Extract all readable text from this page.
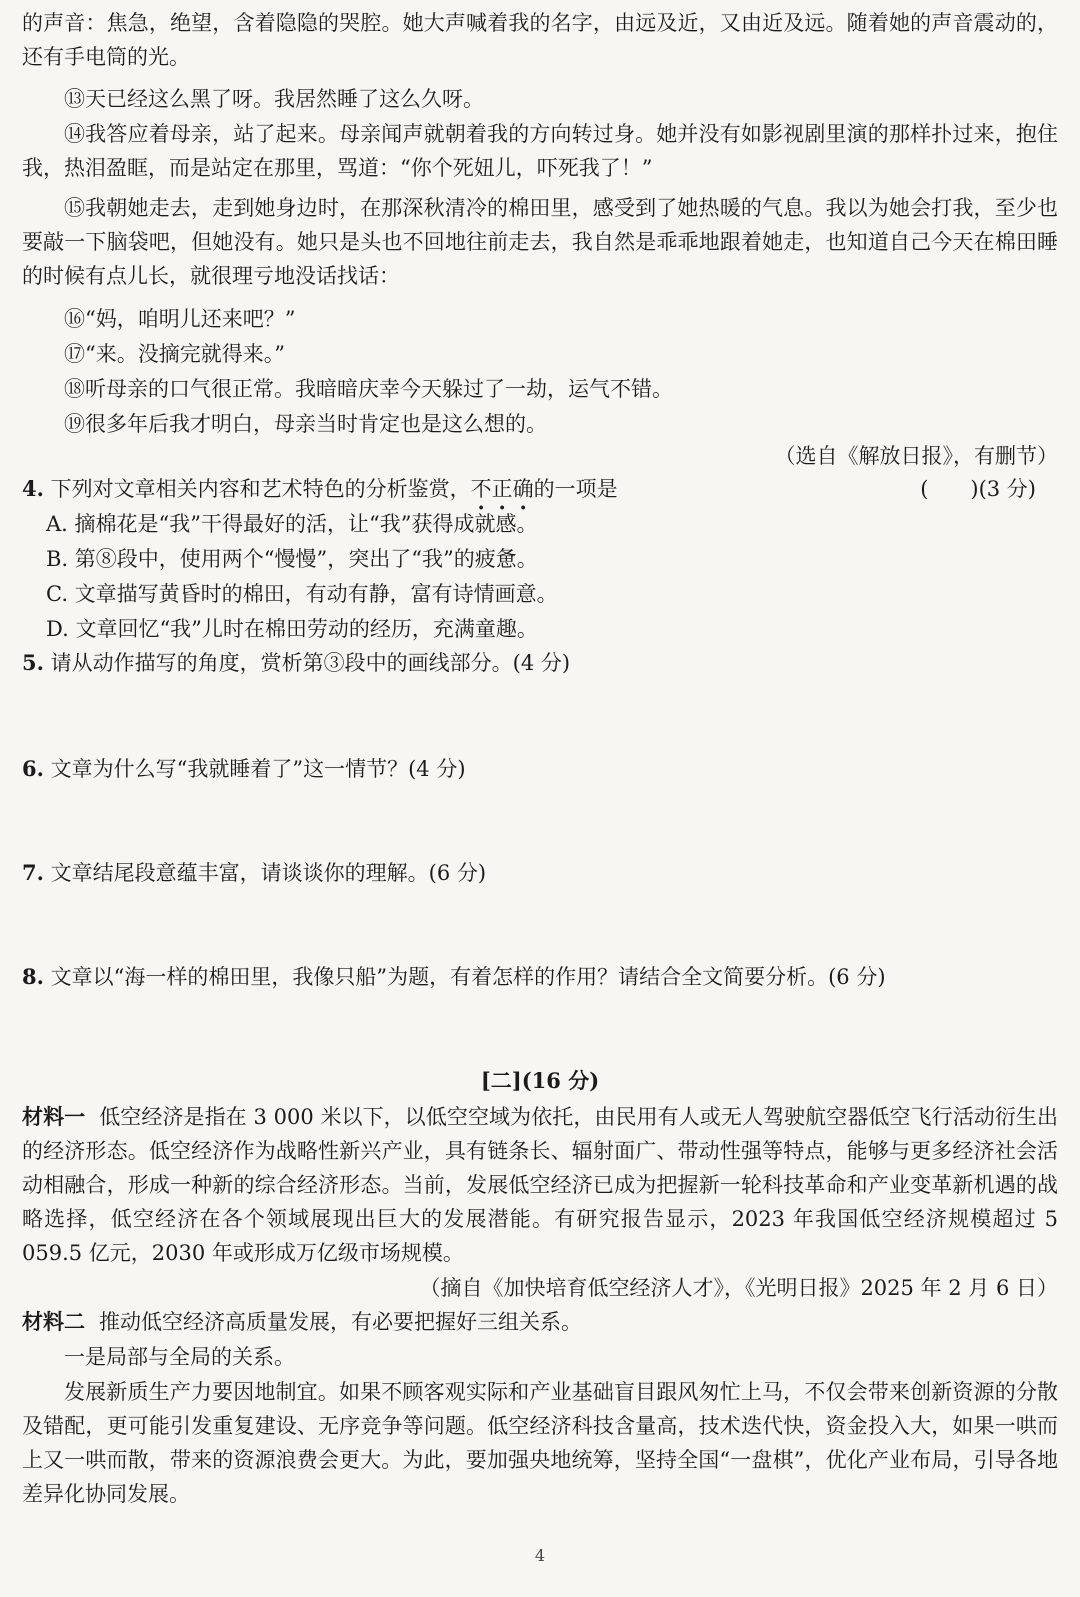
的声音：焦急，绝望，含着隐隐的哭腔。她大声喊着我的名字，由远及近，又由近及远。随着她的声音震动的，还有手电筒的光。
⑬天已经这么黑了呀。我居然睡了这么久呀。
⑭我答应着母亲，站了起来。母亲闻声就朝着我的方向转过身。她并没有如影视剧里演的那样扑过来，抱住我，热泪盈眶，而是站定在那里，骂道：“你个死妞儿，吓死我了！”
⑮我朝她走去，走到她身边时，在那深秋清冷的棉田里，感受到了她热暖的气息。我以为她会打我，至少也要敲一下脑袋吧，但她没有。她只是头也不回地往前走去，我自然是乖乖地跟着她走，也知道自己今天在棉田睡的时候有点儿长，就很理亏地没话找话：
⑯“妈，咱明儿还来吧？”
⑰“来。没摘完就得来。”
⑱听母亲的口气很正常。我暗暗庆幸今天躲过了一劫，运气不错。
⑲很多年后我才明白，母亲当时肯定也是这么想的。
（选自《解放日报》，有删节）
4. 下列对文章相关内容和艺术特色的分析鉴赏，不正确的一项是	(　　)(3 分)
A. 摘棉花是“我”干得最好的活，让“我”获得成就感。
B. 第⑧段中，使用两个“慢慢”，突出了“我”的疲惫。
C. 文章描写黄昏时的棉田，有动有静，富有诗情画意。
D. 文章回忆“我”儿时在棉田劳动的经历，充满童趣。
5. 请从动作描写的角度，赏析第③段中的画线部分。(4 分)
6. 文章为什么写“我就睡着了”这一情节？(4 分)
7. 文章结尾段意蕴丰富，请谈谈你的理解。(6 分)
8. 文章以“海一样的棉田里，我像只船”为题，有着怎样的作用？请结合全文简要分析。(6 分)
[二](16 分)
材料一 低空经济是指在 3 000 米以下，以低空空域为依托，由民用有人或无人驾驶航空器低空飞行活动衍生出的经济形态。低空经济作为战略性新兴产业，具有链条长、辐射面广、带动性强等特点，能够与更多经济社会活动相融合，形成一种新的综合经济形态。当前，发展低空经济已成为把握新一轮科技革命和产业变革新机遇的战略选择，低空经济在各个领域展现出巨大的发展潜能。有研究报告显示，2023 年我国低空经济规模超过 5 059.5 亿元，2030 年或形成万亿级市场规模。
（摘自《加快培育低空经济人才》，《光明日报》2025 年 2 月 6 日）
材料二 推动低空经济高质量发展，有必要把握好三组关系。
一是局部与全局的关系。
发展新质生产力要因地制宜。如果不顾客观实际和产业基础盲目跟风匆忙上马，不仅会带来创新资源的分散及错配，更可能引发重复建设、无序竞争等问题。低空经济科技含量高，技术迭代快，资金投入大，如果一哄而上又一哄而散，带来的资源浪费会更大。为此，要加强央地统筹，坚持全国“一盘棋”，优化产业布局，引导各地差异化协同发展。
4
